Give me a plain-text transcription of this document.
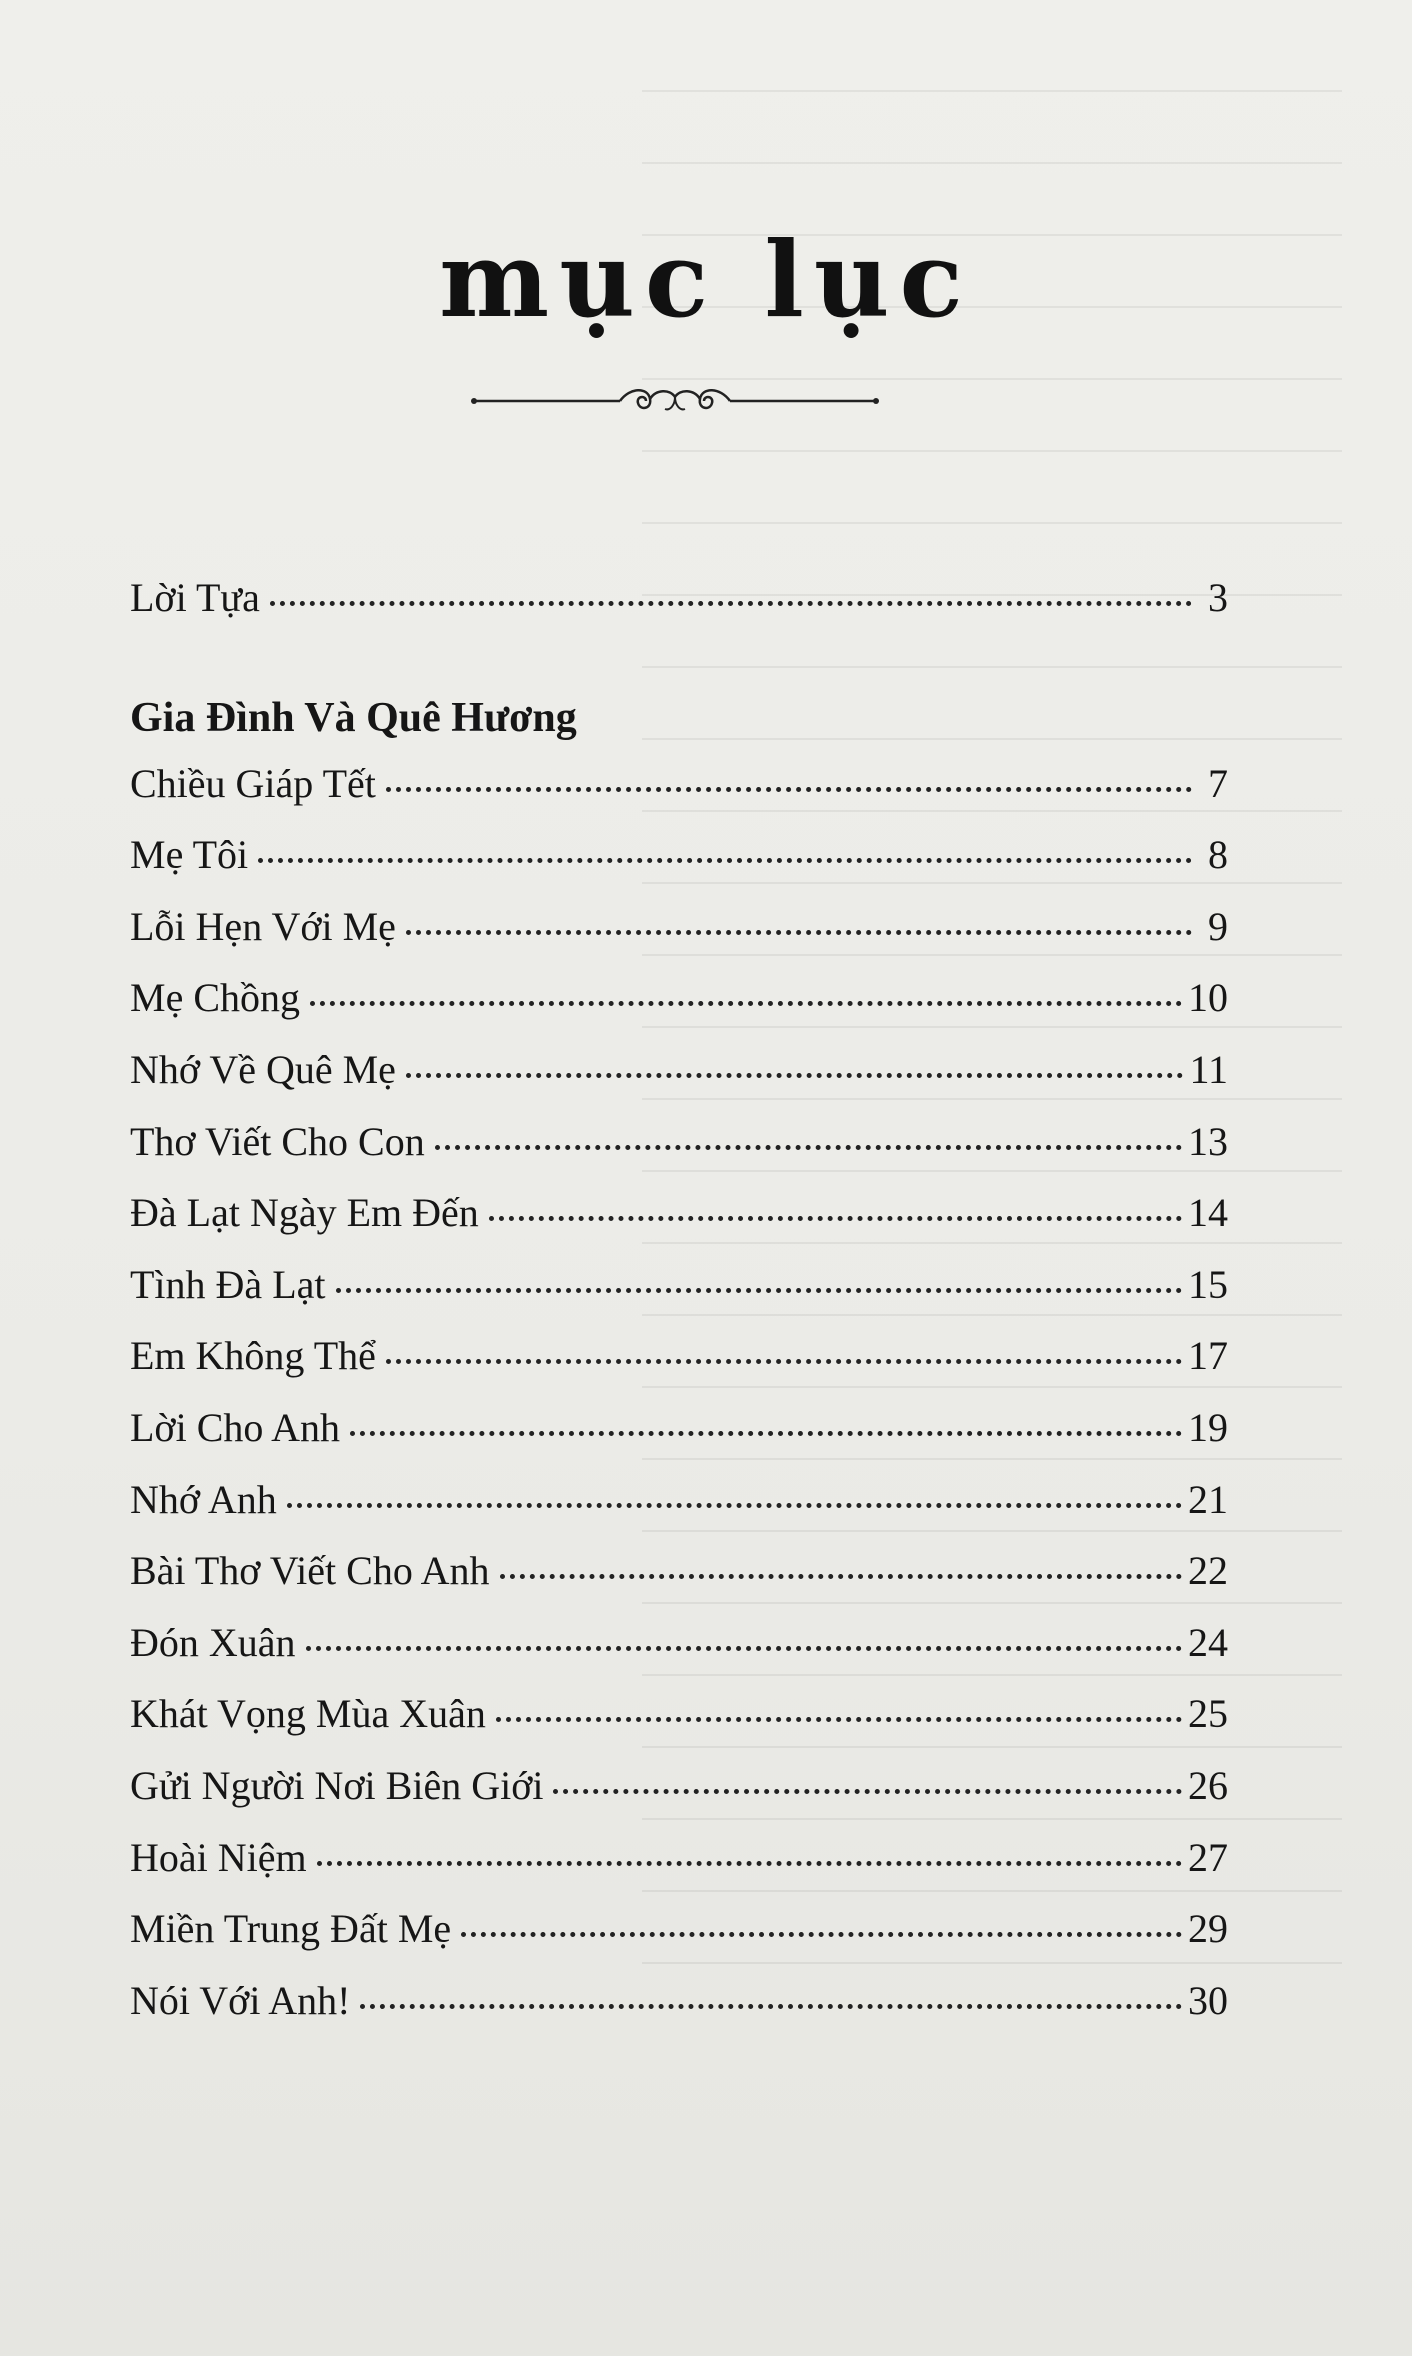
mục lục
Lời Tựa	3
Gia Đình Và Quê Hương
Chiều Giáp Tết	7
Mẹ Tôi	8
Lỗi Hẹn Với Mẹ	9
Mẹ Chồng	10
Nhớ Về Quê Mẹ	11
Thơ Viết Cho Con	13
Đà Lạt Ngày Em Đến	14
Tình Đà Lạt	15
Em Không Thể	17
Lời Cho Anh	19
Nhớ Anh	21
Bài Thơ Viết Cho Anh	22
Đón Xuân	24
Khát Vọng Mùa Xuân	25
Gửi Người Nơi Biên Giới	26
Hoài Niệm	27
Miền Trung Đất Mẹ	29
Nói Với Anh!	30
